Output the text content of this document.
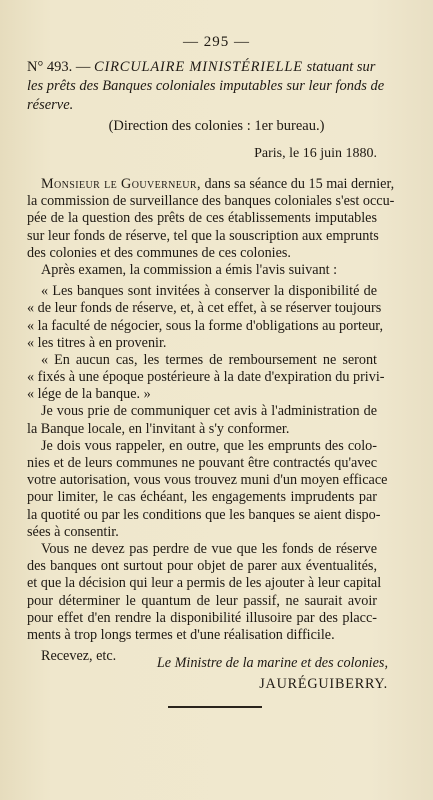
— 295 —
N° 493. — CIRCULAIRE MINISTÉRIELLE statuant sur
les prêts des Banques coloniales imputables sur leur fonds de
réserve.
(Direction des colonies : 1er bureau.)
Paris, le 16 juin 1880.
Monsieur le Gouverneur, dans sa séance du 15 mai dernier,
la commission de surveillance des banques coloniales s'est occu-
pée de la question des prêts de ces établissements imputables
sur leur fonds de réserve, tel que la souscription aux emprunts
des colonies et des communes de ces colonies.
Après examen, la commission a émis l'avis suivant :
« Les banques sont invitées à conserver la disponibilité de
« de leur fonds de réserve, et, à cet effet, à se réserver toujours
« la faculté de négocier, sous la forme d'obligations au porteur,
« les titres à en provenir.
« En aucun cas, les termes de remboursement ne seront
« fixés à une époque postérieure à la date d'expiration du privi-
« lége de la banque. »
Je vous prie de communiquer cet avis à l'administration de
la Banque locale, en l'invitant à s'y conformer.
Je dois vous rappeler, en outre, que les emprunts des colo-
nies et de leurs communes ne pouvant être contractés qu'avec
votre autorisation, vous vous trouvez muni d'un moyen efficace
pour limiter, le cas échéant, les engagements imprudents par
la quotité ou par les conditions que les banques se aient dispo-
sées à consentir.
Vous ne devez pas perdre de vue que les fonds de réserve
des banques ont surtout pour objet de parer aux éventualités,
et que la décision qui leur a permis de les ajouter à leur capital
pour déterminer le quantum de leur passif, ne saurait avoir
pour effet d'en rendre la disponibilité illusoire par des placc-
ments à trop longs termes et d'une réalisation difficile.
Recevez, etc.	Le Ministre de la marine et des colonies,
JAURÉGUIBERRY.
